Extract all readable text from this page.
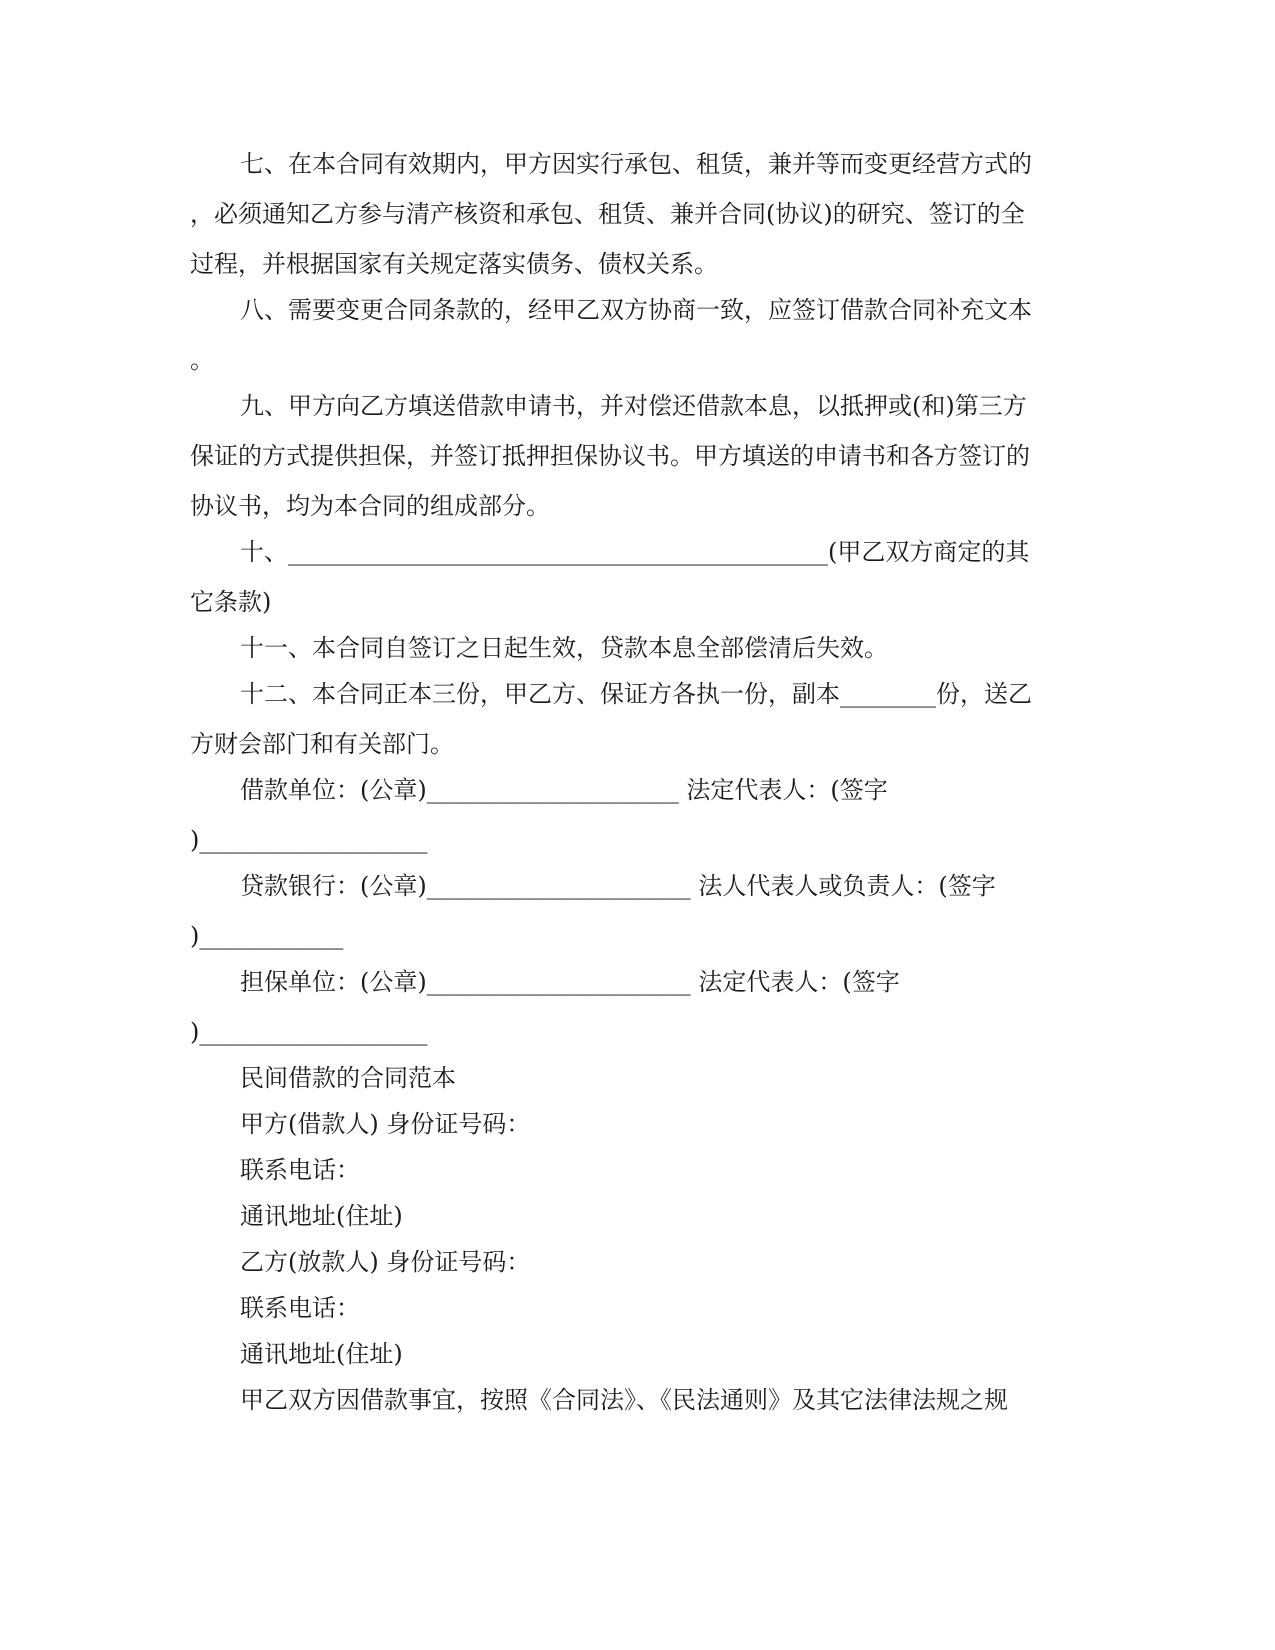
七、在本合同有效期内，甲方因实行承包、租赁，兼并等而变更经营方式的
，必须通知乙方参与清产核资和承包、租赁、兼并合同(协议)的研究、签订的全
过程，并根据国家有关规定落实债务、债权关系。
八、需要变更合同条款的，经甲乙双方协商一致，应签订借款合同补充文本
。
九、甲方向乙方填送借款申请书，并对偿还借款本息，以抵押或(和)第三方
保证的方式提供担保，并签订抵押担保协议书。甲方填送的申请书和各方签订的
协议书，均为本合同的组成部分。
十、_____________________________________________(甲乙双方商定的其
它条款)
十一、本合同自签订之日起生效，贷款本息全部偿清后失效。
十二、本合同正本三份，甲乙方、保证方各执一份，副本________份，送乙
方财会部门和有关部门。
借款单位：(公章)_____________________ 法定代表人：(签字
)___________________
贷款银行：(公章)______________________ 法人代表人或负责人：(签字
)____________
担保单位：(公章)______________________ 法定代表人：(签字
)___________________
民间借款的合同范本
甲方(借款人) 身份证号码：
联系电话：
通讯地址(住址)
乙方(放款人) 身份证号码：
联系电话：
通讯地址(住址)
甲乙双方因借款事宜，按照《合同法》、《民法通则》及其它法律法规之规
